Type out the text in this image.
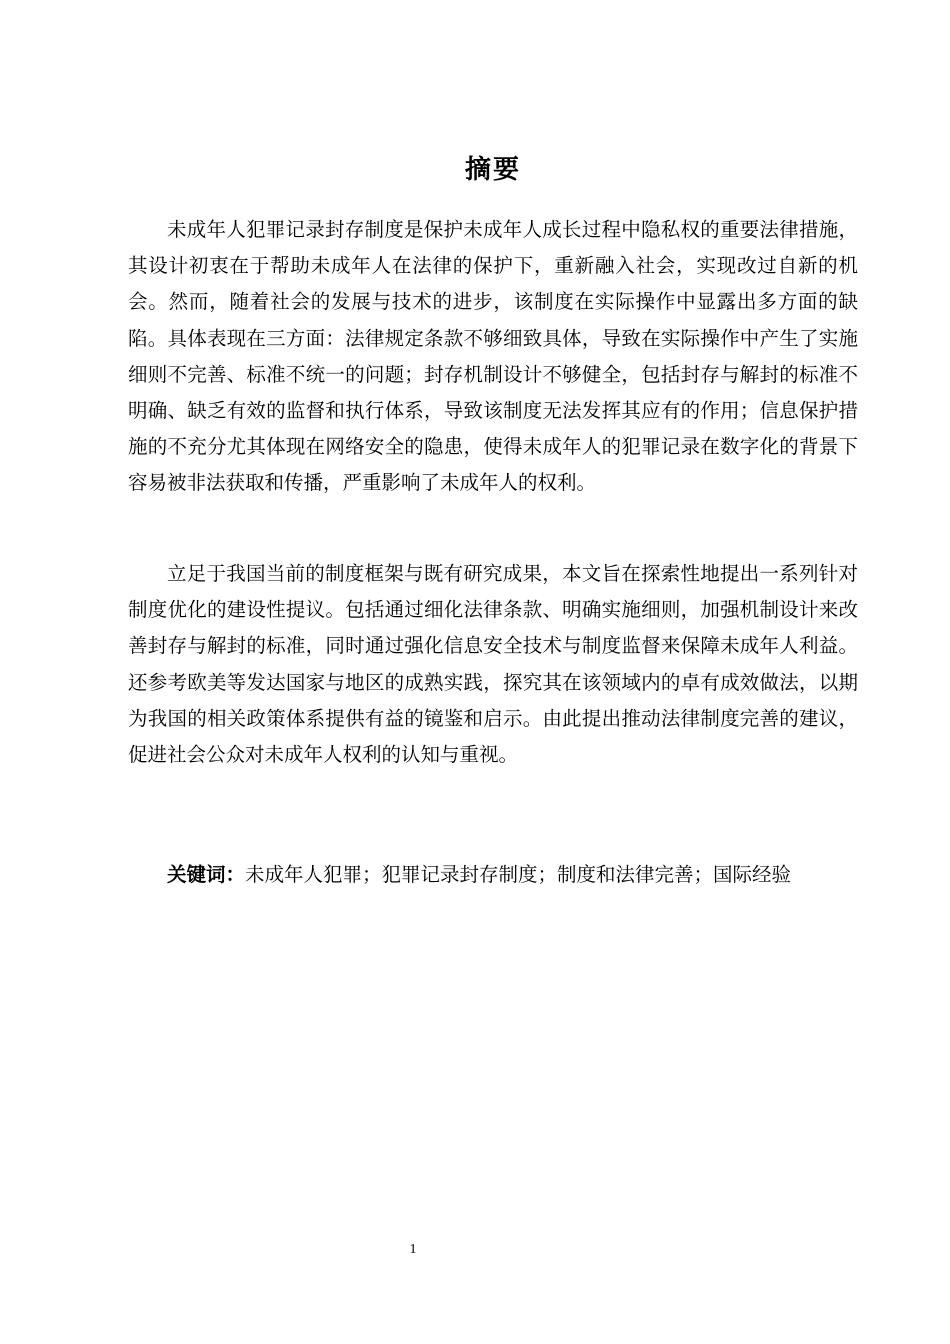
摘要

未成年人犯罪记录封存制度是保护未成年人成长过程中隐私权的重要法律措施，其设计初衷在于帮助未成年人在法律的保护下，重新融入社会，实现改过自新的机会。然而，随着社会的发展与技术的进步，该制度在实际操作中显露出多方面的缺陷。具体表现在三方面：法律规定条款不够细致具体，导致在实际操作中产生了实施细则不完善、标准不统一的问题；封存机制设计不够健全，包括封存与解封的标准不明确、缺乏有效的监督和执行体系，导致该制度无法发挥其应有的作用；信息保护措施的不充分尤其体现在网络安全的隐患，使得未成年人的犯罪记录在数字化的背景下容易被非法获取和传播，严重影响了未成年人的权利。

立足于我国当前的制度框架与既有研究成果，本文旨在探索性地提出一系列针对制度优化的建设性提议。包括通过细化法律条款、明确实施细则，加强机制设计来改善封存与解封的标准，同时通过强化信息安全技术与制度监督来保障未成年人利益。还参考欧美等发达国家与地区的成熟实践，探究其在该领域内的卓有成效做法，以期为我国的相关政策体系提供有益的镜鉴和启示。由此提出推动法律制度完善的建议，促进社会公众对未成年人权利的认知与重视。

关键词：未成年人犯罪；犯罪记录封存制度；制度和法律完善；国际经验

1
